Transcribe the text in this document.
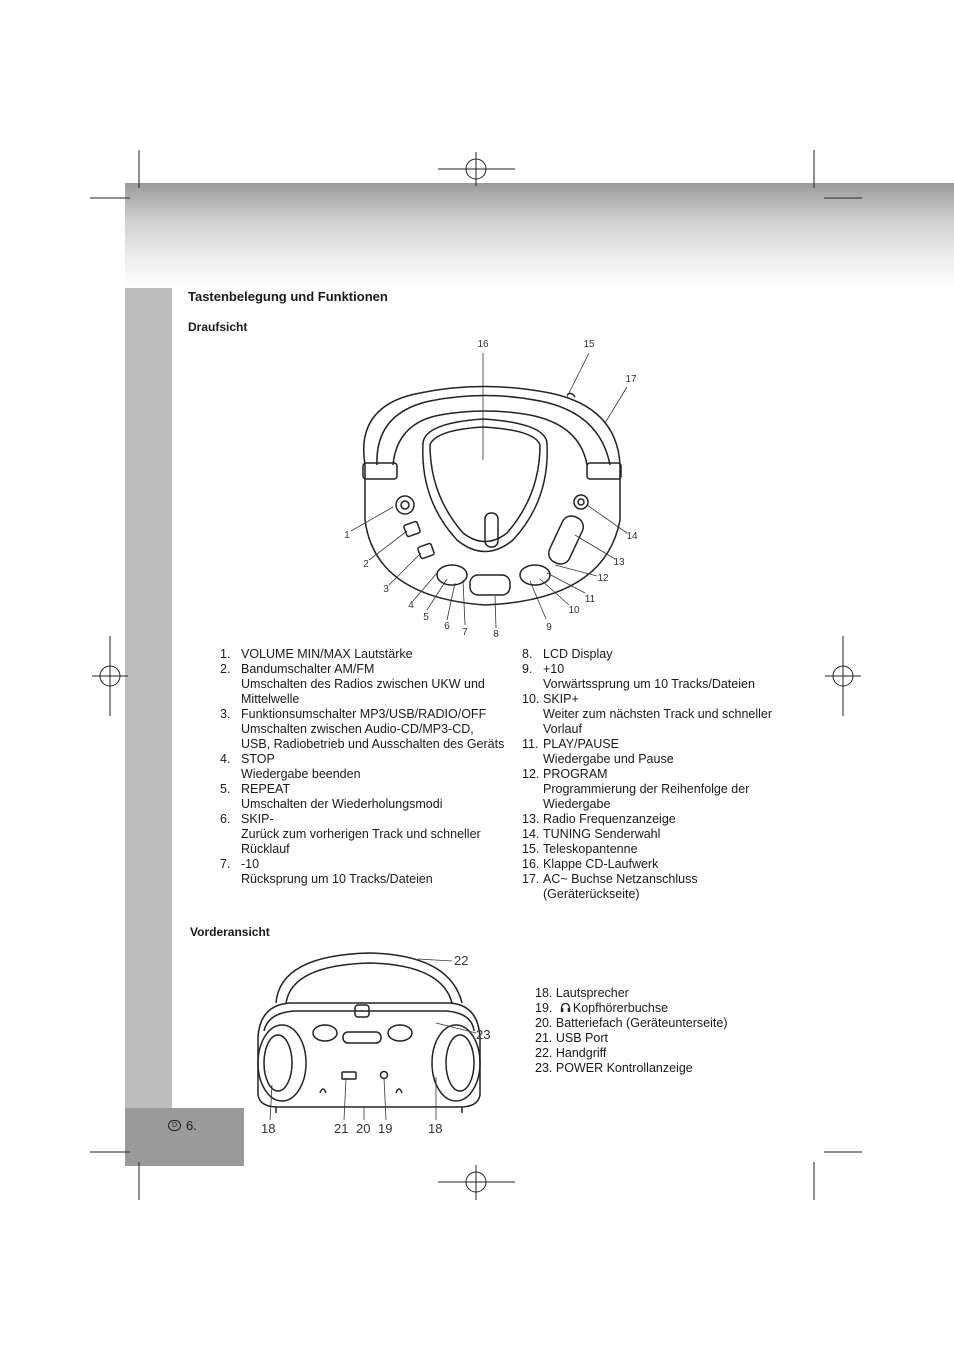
D 6.
Tastenbelegung und Funktionen
Draufsicht
16	15
17
1
2
3
4
5
6
7	8
9
10
11
12
13
14
1. VOLUME MIN/MAX Lautstärke
2. Bandumschalter AM/FM
Umschalten des Radios zwischen UKW und Mittelwelle
3. Funktionsumschalter MP3/USB/RADIO/OFF
Umschalten zwischen Audio-CD/MP3-CD, USB, Radiobetrieb und Ausschalten des Geräts
4. STOP
Wiedergabe beenden
5. REPEAT
Umschalten der Wiederholungsmodi
6. SKIP-
Zurück zum vorherigen Track und schneller Rücklauf
7. -10
Rücksprung um 10 Tracks/Dateien
8. LCD Display
9. +10
Vorwärtssprung um 10 Tracks/Dateien
10. SKIP+
Weiter zum nächsten Track und schneller Vorlauf
11. PLAY/PAUSE
Wiedergabe und Pause
12. PROGRAM
Programmierung der Reihenfolge der Wiedergabe
13. Radio Frequenzanzeige
14. TUNING Senderwahl
15. Teleskopantenne
16. Klappe CD-Laufwerk
17. AC~ Buchse Netzanschluss
(Geräterückseite)
Vorderansicht
22
23
18	21 20 19	18
18. Lautsprecher
19. Kopfhörerbuchse
20. Batteriefach (Geräteunterseite)
21. USB Port
22. Handgriff
23. POWER Kontrollanzeige
